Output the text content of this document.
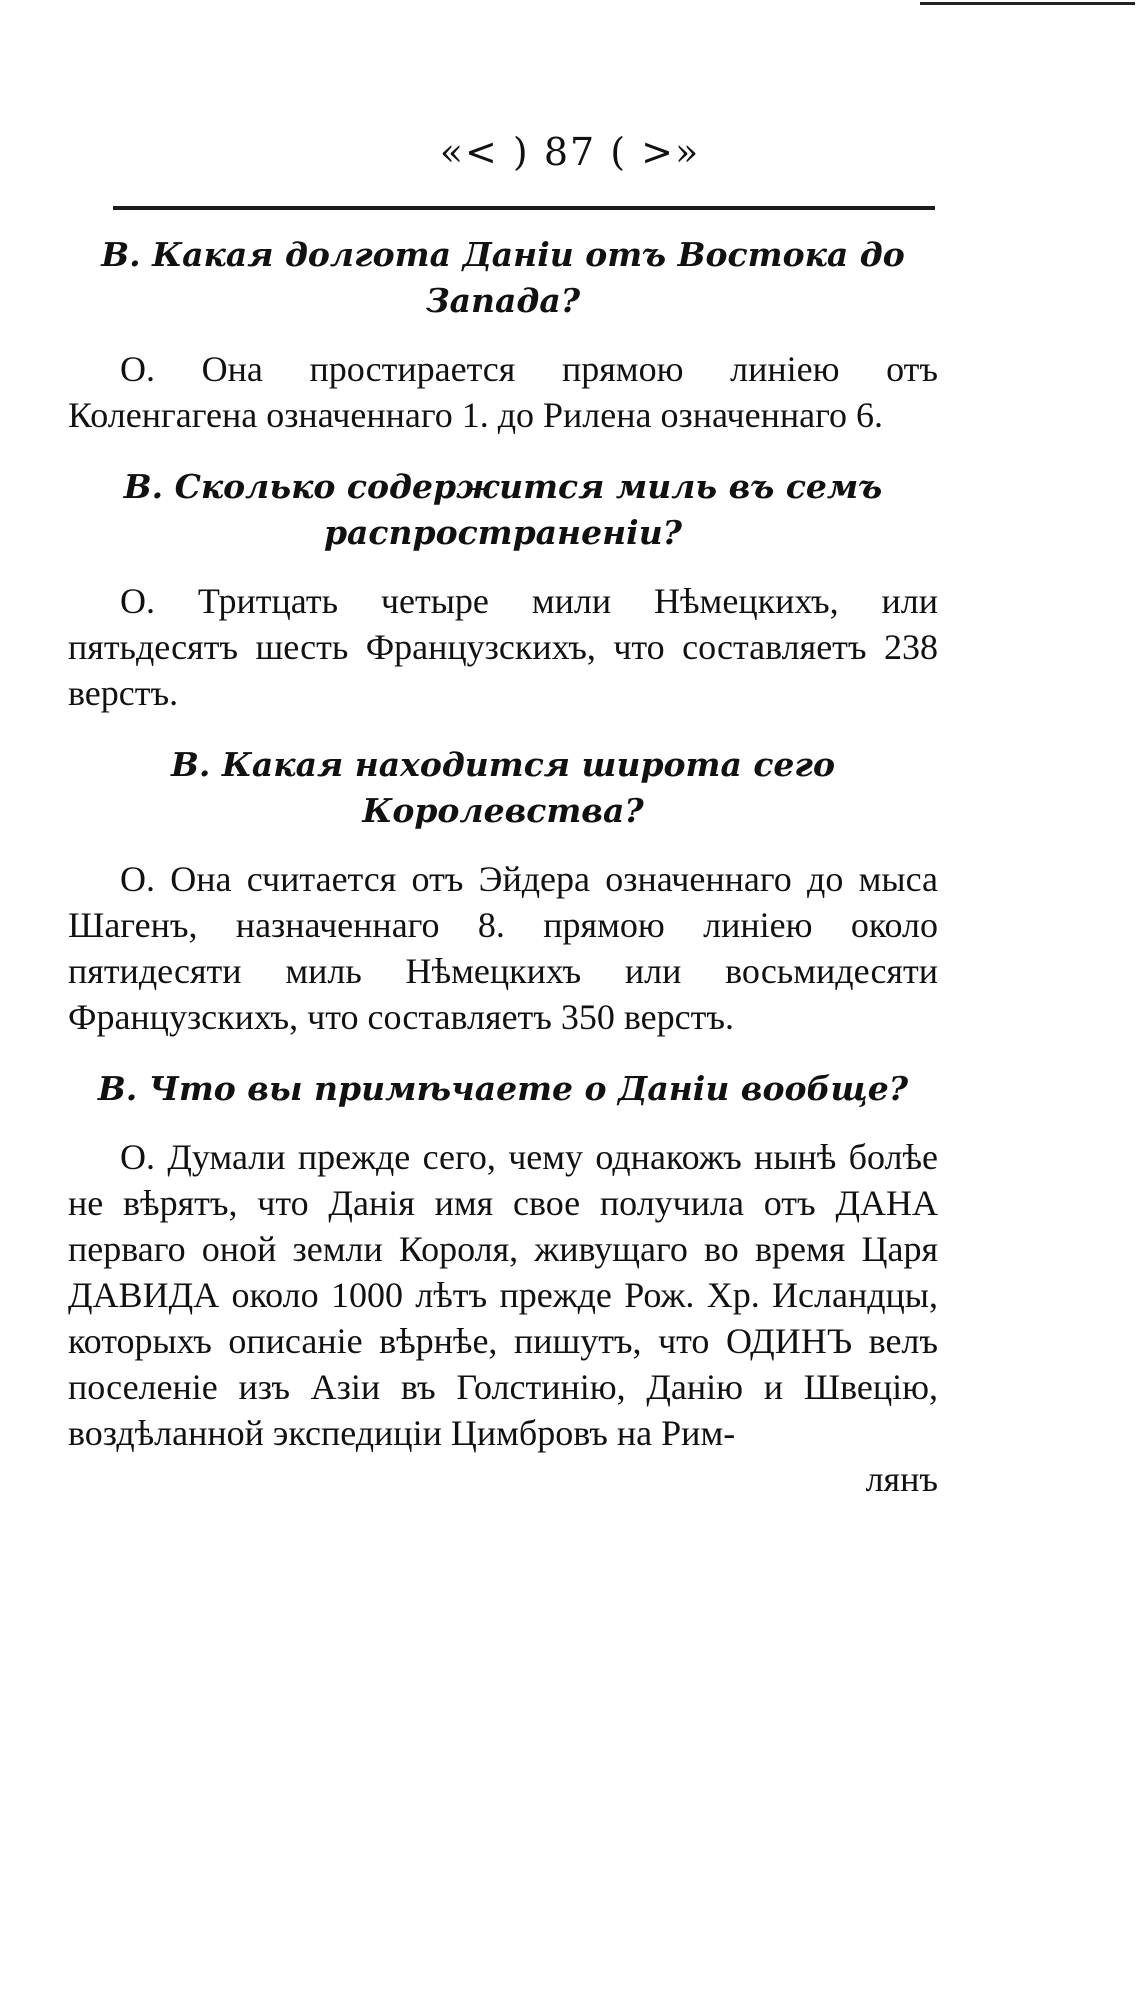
«< ) 87 ( >»
В. Какая долгота Даніи отъ Востока до Запада?
О. Она простирается прямою линіею отъ Коленгагена означеннаго 1. до Рилена означеннаго 6.
В. Сколько содержится миль въ семъ распространеніи?
О. Тритцать четыре мили Нѣмецкихъ, или пятьдесятъ шесть Французскихъ, что составляетъ 238 верстъ.
В. Какая находится широта сего Королевства?
О. Она считается отъ Эйдера означеннаго до мыса Шагенъ, назначеннаго 8. прямою линіею около пятидесяти миль Нѣмецкихъ или восьмидесяти Французскихъ, что составляетъ 350 верстъ.
В. Что вы примѣчаете о Даніи вообще?
О. Думали прежде сего, чему однакожъ нынѣ болѣе не вѣрятъ, что Данія имя свое получила отъ ДАНА перваго оной земли Короля, живущаго во время Царя ДАВИДА около 1000 лѣтъ прежде Рож. Хр. Исландцы, которыхъ описаніе вѣрнѣе, пишутъ, что ОДИНЪ велъ поселеніе изъ Азіи въ Голстинію, Данію и Швецію, воздѣланной экспедиціи Цимбровъ на Рим-
лянъ
